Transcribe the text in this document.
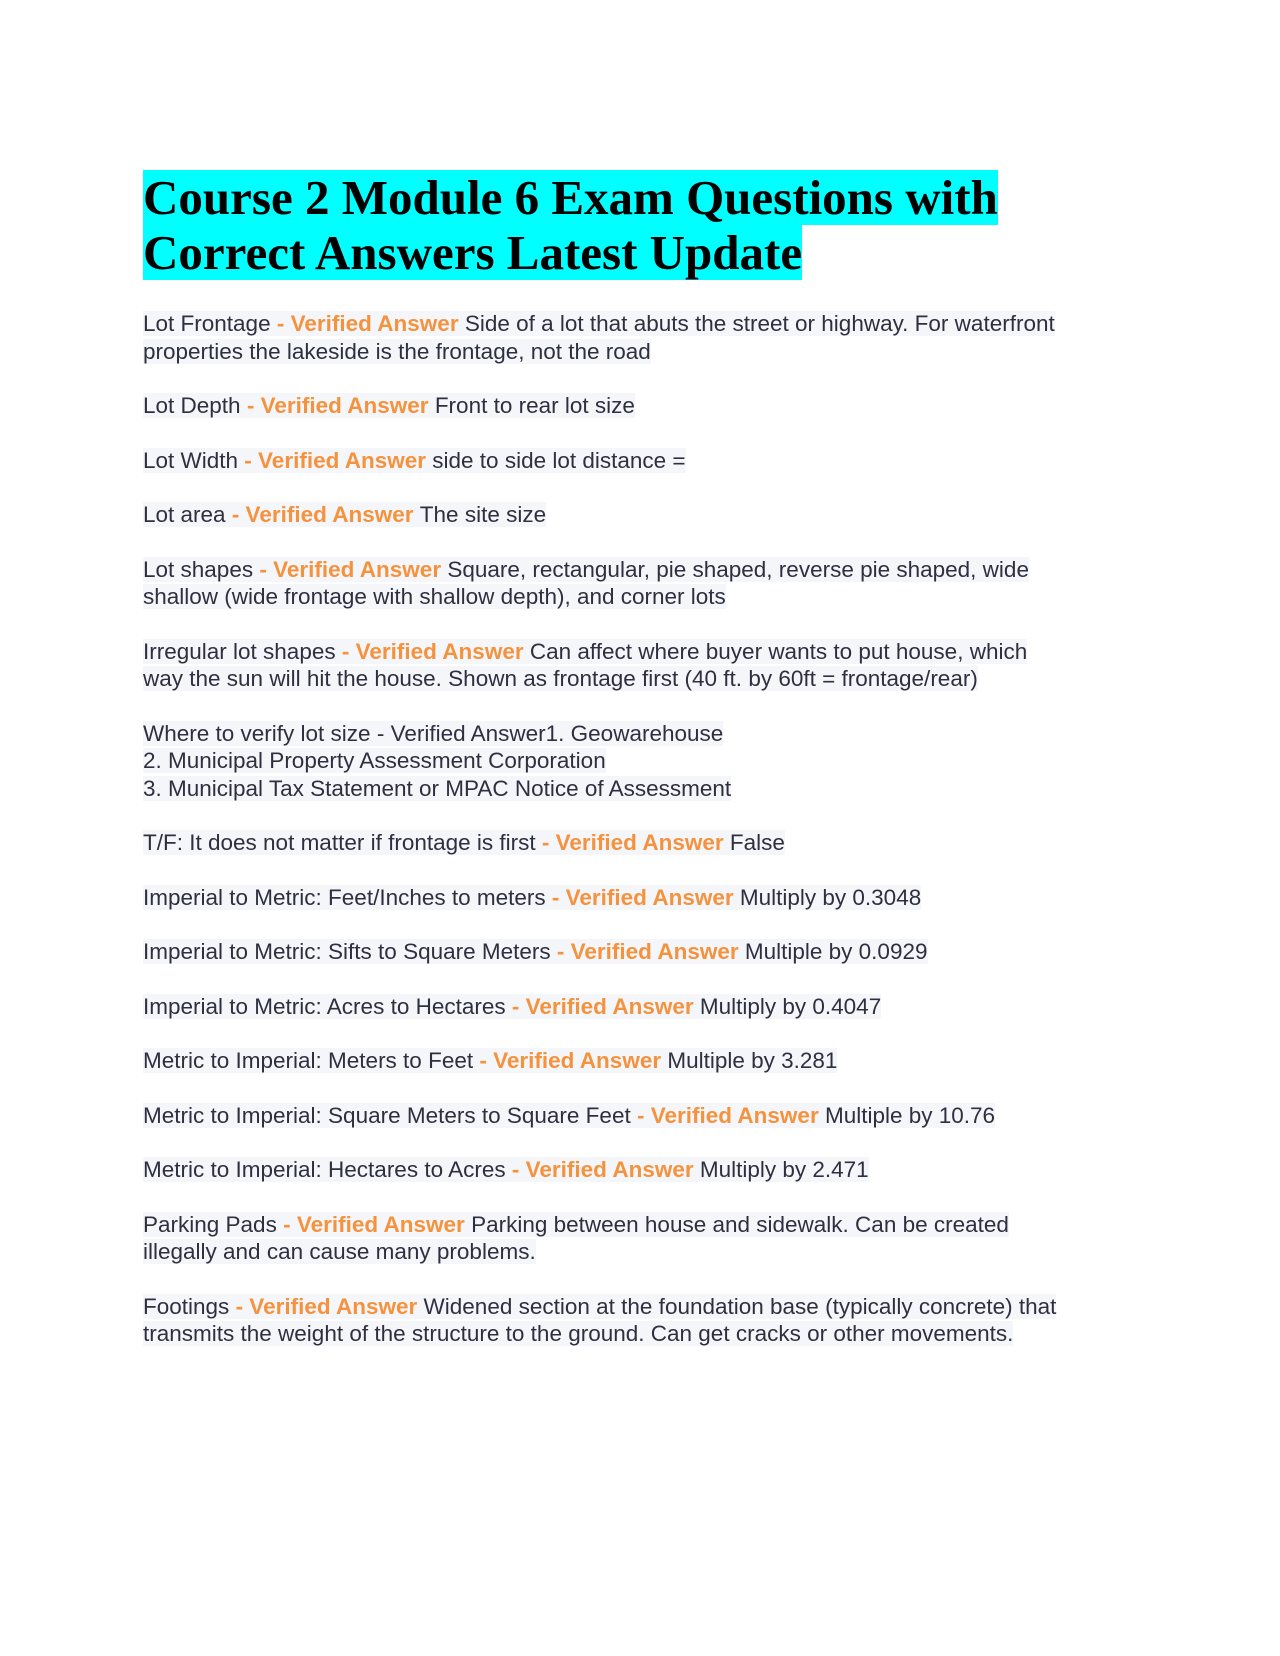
Course 2 Module 6 Exam Questions with Correct Answers Latest Update

Lot Frontage - Verified Answer Side of a lot that abuts the street or highway. For waterfront properties the lakeside is the frontage, not the road

Lot Depth - Verified Answer Front to rear lot size

Lot Width - Verified Answer side to side lot distance =

Lot area - Verified Answer The site size

Lot shapes - Verified Answer Square, rectangular, pie shaped, reverse pie shaped, wide shallow (wide frontage with shallow depth), and corner lots

Irregular lot shapes - Verified Answer Can affect where buyer wants to put house, which way the sun will hit the house. Shown as frontage first (40 ft. by 60ft = frontage/rear)

Where to verify lot size - Verified Answer1. Geowarehouse
2. Municipal Property Assessment Corporation
3. Municipal Tax Statement or MPAC Notice of Assessment

T/F: It does not matter if frontage is first - Verified Answer False

Imperial to Metric: Feet/Inches to meters - Verified Answer Multiply by 0.3048

Imperial to Metric: Sifts to Square Meters - Verified Answer Multiple by 0.0929

Imperial to Metric: Acres to Hectares - Verified Answer Multiply by 0.4047

Metric to Imperial: Meters to Feet - Verified Answer Multiple by 3.281

Metric to Imperial: Square Meters to Square Feet - Verified Answer Multiple by 10.76

Metric to Imperial: Hectares to Acres - Verified Answer Multiply by 2.471

Parking Pads - Verified Answer Parking between house and sidewalk. Can be created illegally and can cause many problems.

Footings - Verified Answer Widened section at the foundation base (typically concrete) that transmits the weight of the structure to the ground. Can get cracks or other movements.
